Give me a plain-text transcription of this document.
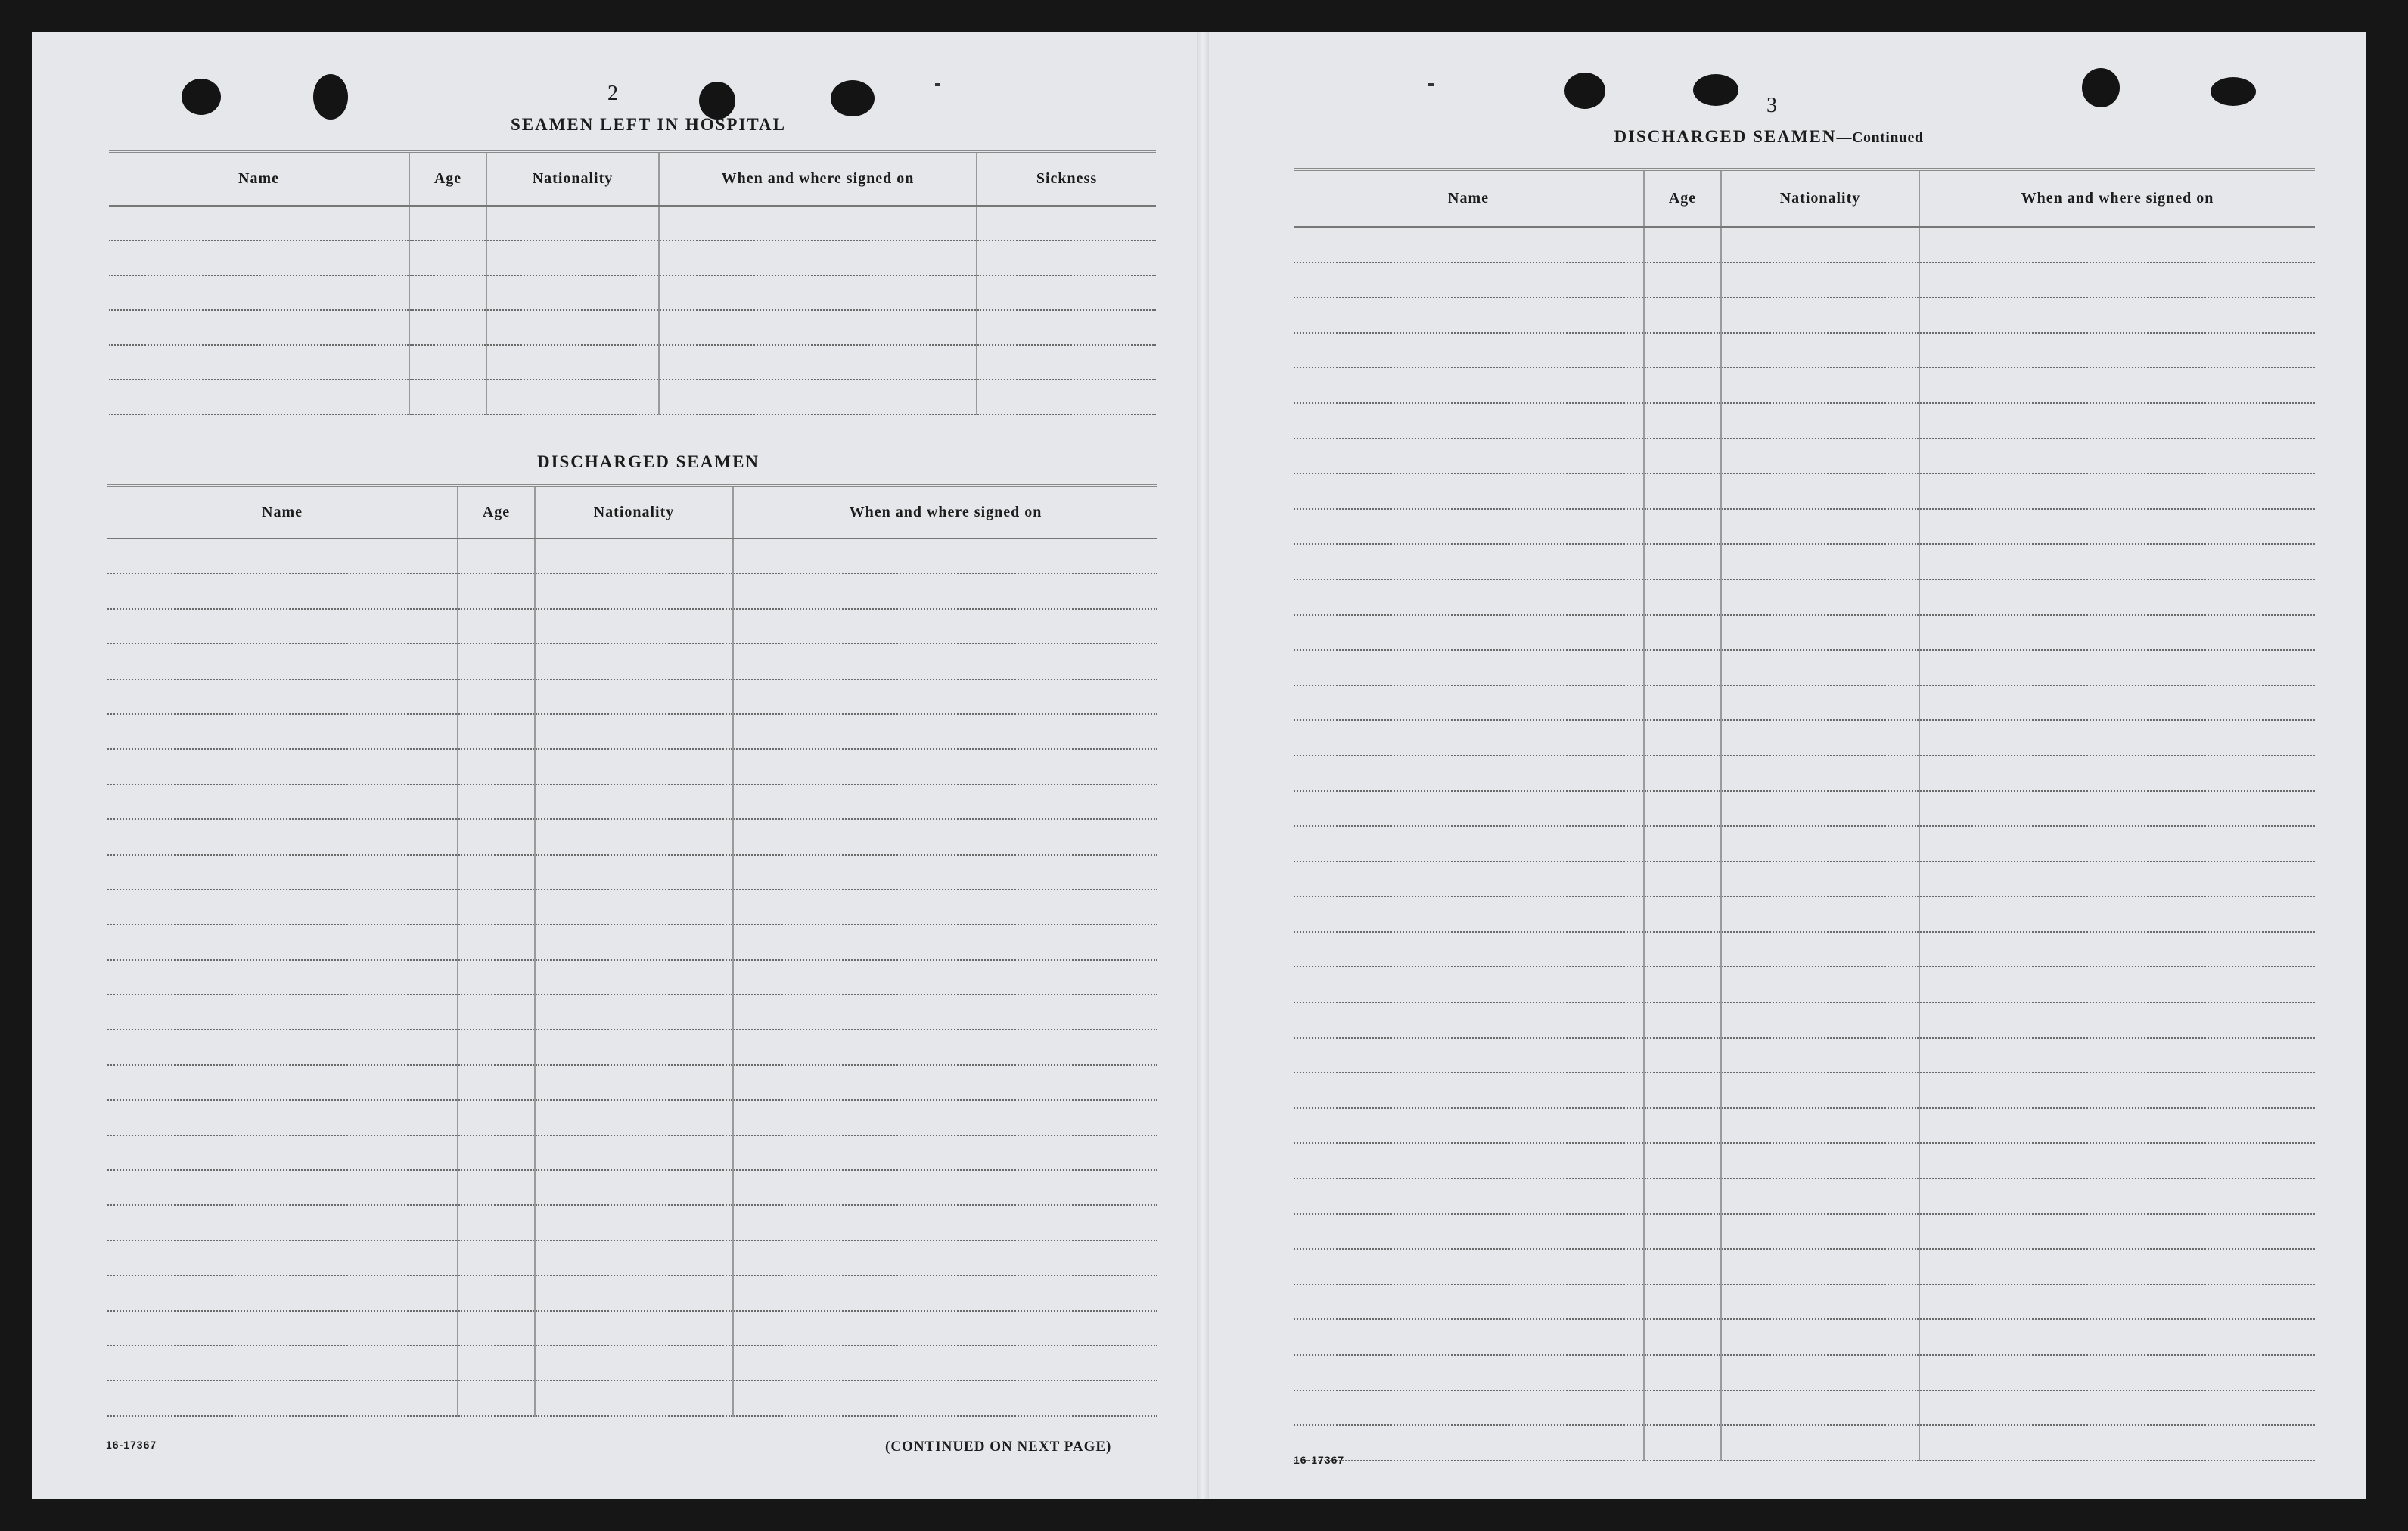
2
SEAMEN LEFT IN HOSPITAL
Name	Age	Nationality	When and where signed on	Sickness

DISCHARGED SEAMEN
Name	Age	Nationality	When and where signed on

16-17367	(CONTINUED ON NEXT PAGE)
3
DISCHARGED SEAMEN—Continued
Name	Age	Nationality	When and where signed on

16-17367
